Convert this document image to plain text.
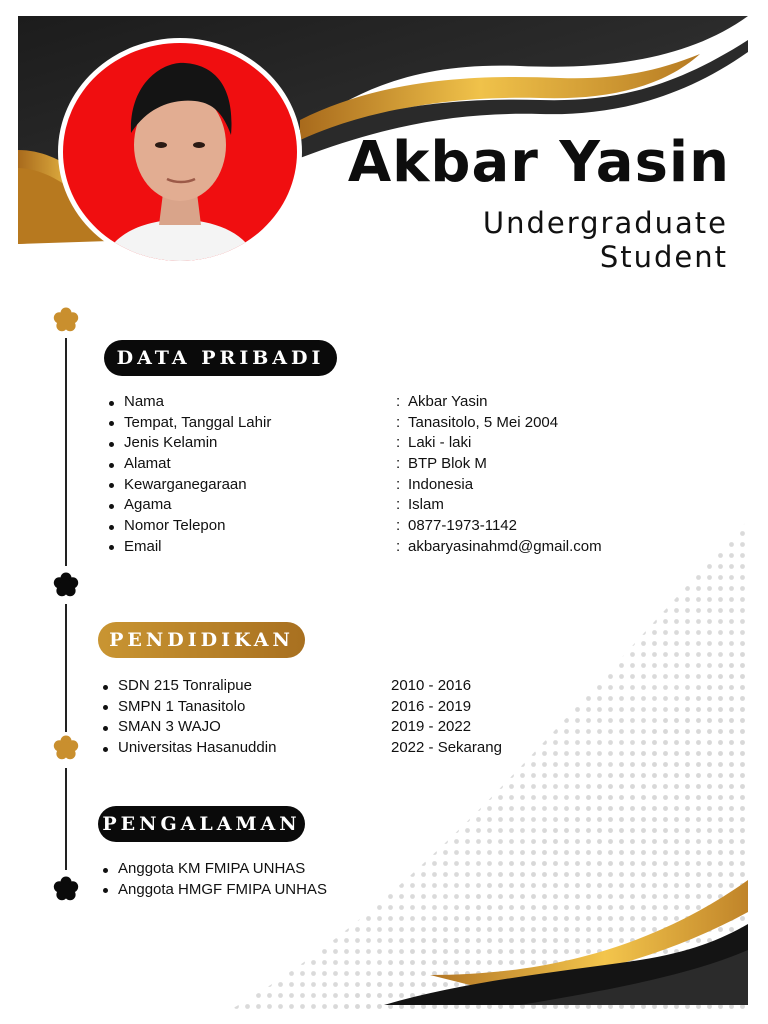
Akbar Yasin
Undergraduate
Student
DATA PRIBADI
Nama
Tempat, Tanggal Lahir
Jenis Kelamin
Alamat
Kewarganegaraan
Agama
Nomor Telepon
Email
: Akbar Yasin
: Tanasitolo, 5 Mei 2004
: Laki - laki
: BTP Blok M
: Indonesia
: Islam
: 0877-1973-1142
: akbaryasinahmd@gmail.com
PENDIDIKAN
SDN 215 Tonralipue
SMPN 1 Tanasitolo
SMAN 3 WAJO
Universitas Hasanuddin
2010 - 2016
2016 - 2019
2019 - 2022
2022 - Sekarang
PENGALAMAN
Anggota KM FMIPA UNHAS
Anggota HMGF FMIPA UNHAS
